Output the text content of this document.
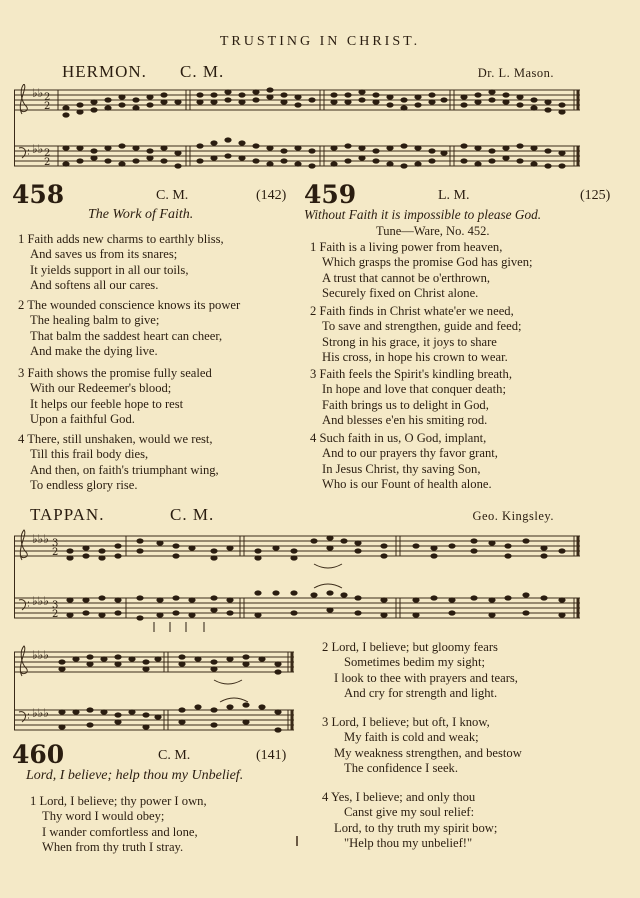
TRUSTING IN CHRIST.
HERMON. C. M.	Dr. L. Mason.
♭♭
♭♭
2
2
2
2
458	C. M.	(142)
The Work of Faith.
1 Faith adds new charms to earthly bliss,
And saves us from its snares;
It yields support in all our toils,
And softens all our cares.
2 The wounded conscience knows its power
The healing balm to give;
That balm the saddest heart can cheer,
And make the dying live.
3 Faith shows the promise fully sealed
With our Redeemer's blood;
It helps our feeble hope to rest
Upon a faithful God.
4 There, still unshaken, would we rest,
Till this frail body dies,
And then, on faith's triumphant wing,
To endless glory rise.
459	L. M.	(125)
Without Faith it is impossible to please God.
Tune—Ware, No. 452.
1 Faith is a living power from heaven,
Which grasps the promise God has given;
A trust that cannot be o'erthrown,
Securely fixed on Christ alone.
2 Faith finds in Christ whate'er we need,
To save and strengthen, guide and feed;
Strong in his grace, it joys to share
His cross, in hope his crown to wear.
3 Faith feels the Spirit's kindling breath,
In hope and love that conquer death;
Faith brings us to delight in God,
And blesses e'en his smiting rod.
4 Such faith in us, O God, implant,
And to our prayers thy favor grant,
In Jesus Christ, thy saving Son,
Who is our Fount of health alone.
TAPPAN.	C. M.	Geo. Kingsley.
♭♭♭
♭♭♭
3
2
3
2
♭♭♭
♭♭♭
460	C. M.	(141)
Lord, I believe; help thou my Unbelief.
1 Lord, I believe; thy power I own,
Thy word I would obey;
I wander comfortless and lone,
When from thy truth I stray.
2 Lord, I believe; but gloomy fears
Sometimes bedim my sight;
I look to thee with prayers and tears,
And cry for strength and light.
3 Lord, I believe; but oft, I know,
My faith is cold and weak;
My weakness strengthen, and bestow
The confidence I seek.
4 Yes, I believe; and only thou
Canst give my soul relief:
Lord, to thy truth my spirit bow;
"Help thou my unbelief!"
